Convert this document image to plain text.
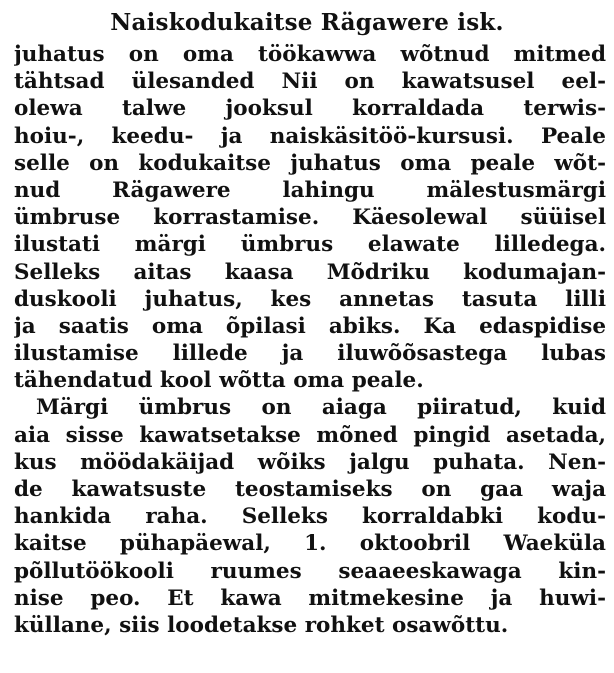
Naiskodukaitse Rägawere isk.
juhatus on oma töökawwa wõtnud mitmed
tähtsad ülesanded Nii on kawatsusel eel-
olewa talwe jooksul korraldada terwis-
hoiu-, keedu- ja naiskäsitöö-kursusi. Peale
selle on kodukaitse juhatus oma peale wõt-
nud Rägawere lahingu mälestusmärgi
ümbruse korrastamise. Käesolewal süüisel
ilustati märgi ümbrus elawate lilledega.
Selleks aitas kaasa Mõdriku kodumajan-
duskooli juhatus, kes annetas tasuta lilli
ja saatis oma õpilasi abiks. Ka edaspidise
ilustamise lillede ja iluwõõsastega lubas
tähendatud kool wõtta oma peale.
Märgi ümbrus on aiaga piiratud, kuid
aia sisse kawatsetakse mõned pingid asetada,
kus möödakäijad wõiks jalgu puhata. Nen-
de kawatsuste teostamiseks on gaa waja
hankida raha. Selleks korraldabki kodu-
kaitse pühapäewal, 1. oktoobril Waeküla
põllutöökooli ruumes seaaeeskawaga kin-
nise peo. Et kawa mitmekesine ja huwi-
küllane, siis loodetakse rohket osawõttu.
